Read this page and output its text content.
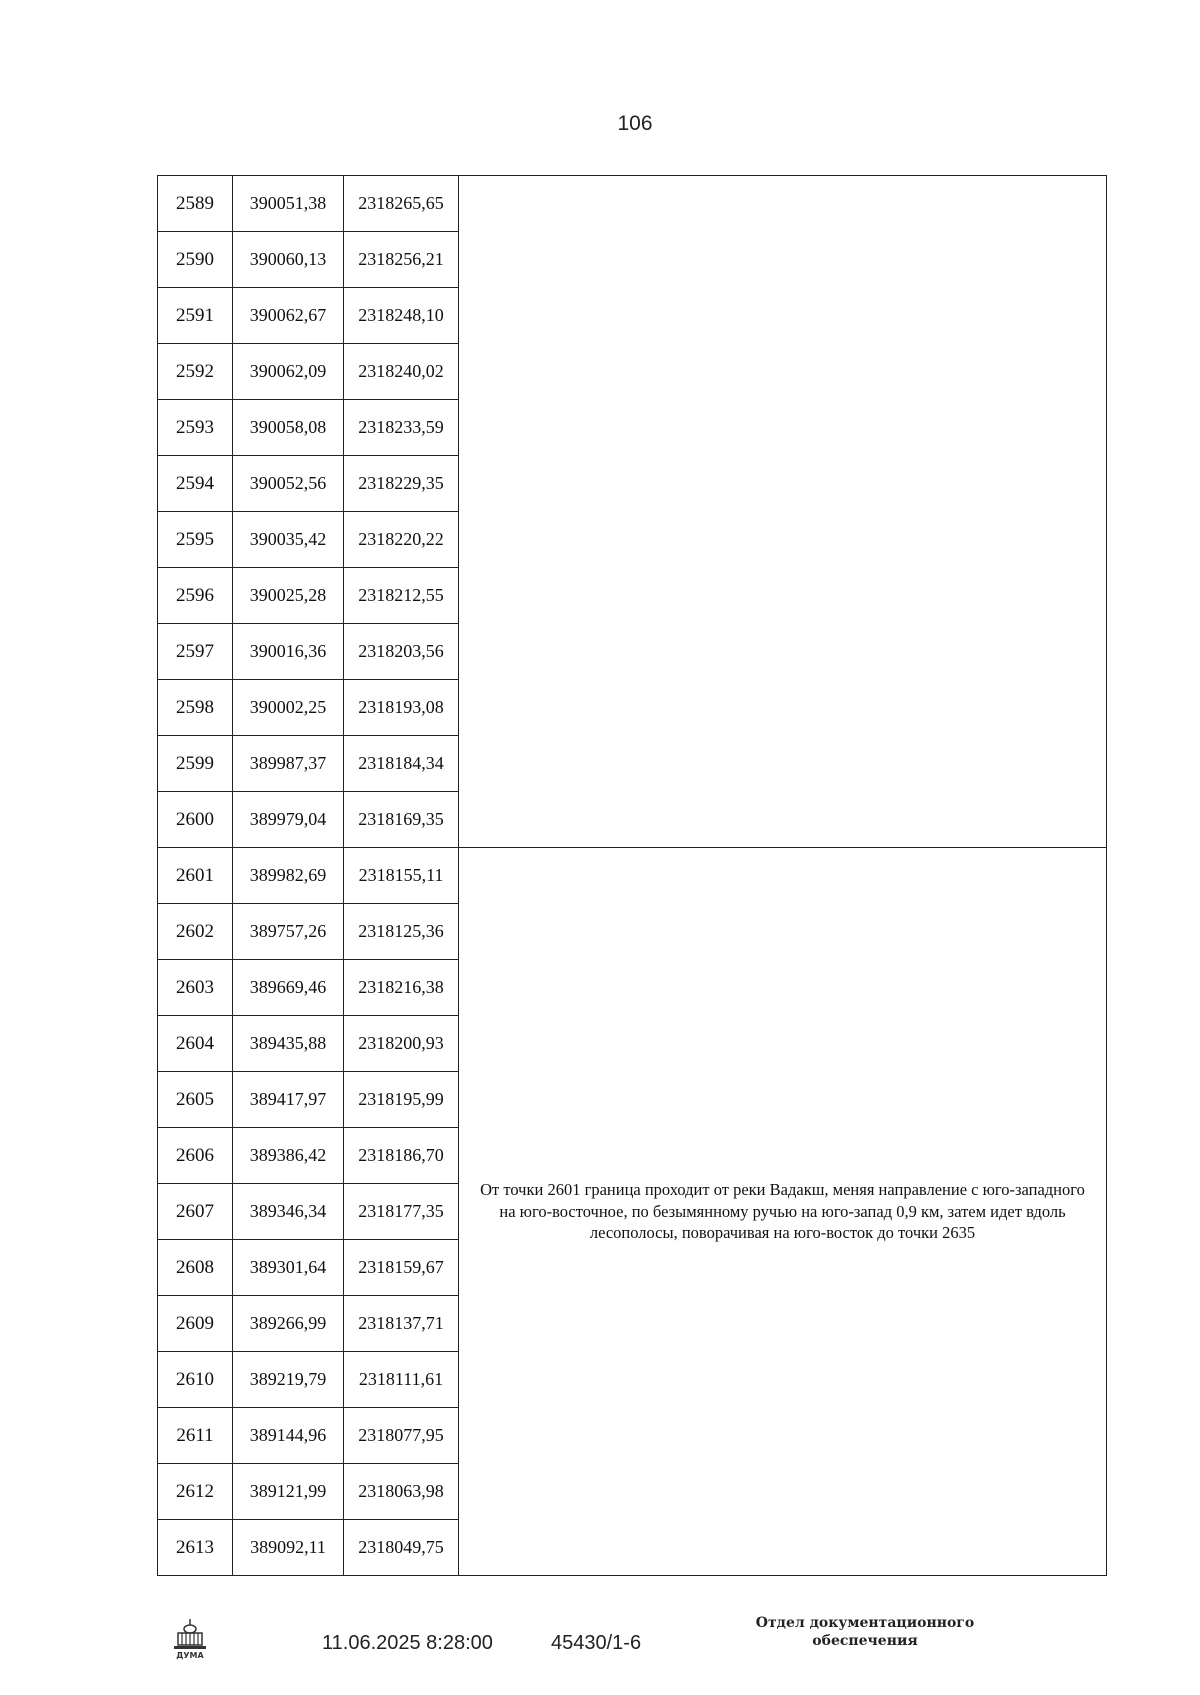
106
2589	390051,38	2318265,65	
2590	390060,13	2318256,21	
2591	390062,67	2318248,10	
2592	390062,09	2318240,02	
2593	390058,08	2318233,59	
2594	390052,56	2318229,35	
2595	390035,42	2318220,22	
2596	390025,28	2318212,55	
2597	390016,36	2318203,56	
2598	390002,25	2318193,08	
2599	389987,37	2318184,34	
2600	389979,04	2318169,35	
2601	389982,69	2318155,11	От точки 2601 граница проходит от реки Вадакш, меняя направление с юго-западного на юго-восточное, по безымянному ручью на юго-запад 0,9 км, затем идет вдоль лесополосы, поворачивая на юго-восток до точки 2635
2602	389757,26	2318125,36	
2603	389669,46	2318216,38	
2604	389435,88	2318200,93	
2605	389417,97	2318195,99	
2606	389386,42	2318186,70	
2607	389346,34	2318177,35	
2608	389301,64	2318159,67	
2609	389266,99	2318137,71	
2610	389219,79	2318111,61	
2611	389144,96	2318077,95	
2612	389121,99	2318063,98	
2613	389092,11	2318049,75	
ДУМА
11.06.2025 8:28:00	45430/1-6
Отдел документационного обеспечения
